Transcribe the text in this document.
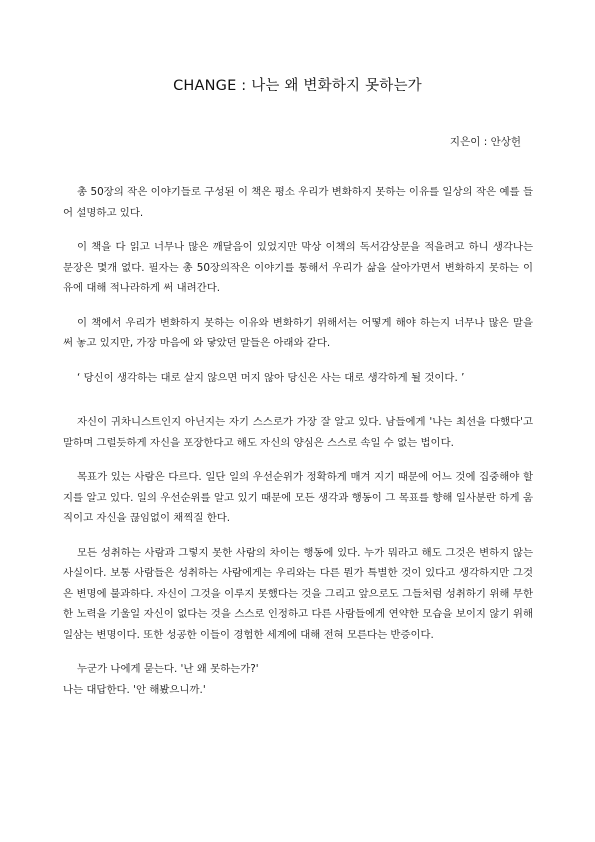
CHANGE : 나는 왜 변화하지 못하는가
지은이 : 안상헌

총 50장의 작은 이야기들로 구성된 이 책은 평소 우리가 변화하지 못하는 이유를 일상의 작은 예를 들어 설명하고 있다.

이 책을 다 읽고 너무나 많은 깨달음이 있었지만 막상 이책의 독서감상문을 적을려고 하니 생각나는 문장은 몇개 없다. 필자는 총 50장의작은 이야기를 통해서 우리가 삶을 살아가면서 변화하지 못하는 이유에 대해 적나라하게 써 내려간다.

이 책에서 우리가 변화하지 못하는 이유와 변화하기 위해서는 어떻게 해야 하는지 너무나 많은 말을 써 놓고 있지만, 가장 마음에 와 닿았던 말들은 아래와 같다.

‘ 당신이 생각하는 대로 살지 않으면 머지 않아 당신은 사는 대로 생각하게 될 것이다. ’

자신이 귀차니스트인지 아닌지는 자기 스스로가 가장 잘 알고 있다. 남들에게 '나는 최선을 다했다'고 말하며 그럴듯하게 자신을 포장한다고 해도 자신의 양심은 스스로 속일 수 없는 법이다.

목표가 있는 사람은 다르다. 일단 일의 우선순위가 정확하게 매겨 지기 때문에 어느 것에 집중해야 할 지를 알고 있다. 일의 우선순위를 알고 있기 때문에 모든 생각과 행동이 그 목표를 향해 일사분란 하게 움직이고 자신을 끊임없이 채찍질 한다.

모든 성취하는 사람과 그렇지 못한 사람의 차이는 행동에 있다. 누가 뭐라고 해도 그것은 변하지 않는 사실이다. 보통 사람들은 성취하는 사람에게는 우리와는 다른 뭔가 특별한 것이 있다고 생각하지만 그것은 변명에 불과하다. 자신이 그것을 이루지 못했다는 것을 그리고 앞으로도 그들처럼 성취하기 위해 무한한 노력을 기울일 자신이 없다는 것을 스스로 인정하고 다른 사람들에게 연약한 모습을 보이지 않기 위해 일삼는 변명이다. 또한 성공한 이들이 경험한 세계에 대해 전혀 모른다는 반증이다.

누군가 나에게 묻는다. '난 왜 못하는가?'

나는 대답한다. '안 해봤으니까.'
